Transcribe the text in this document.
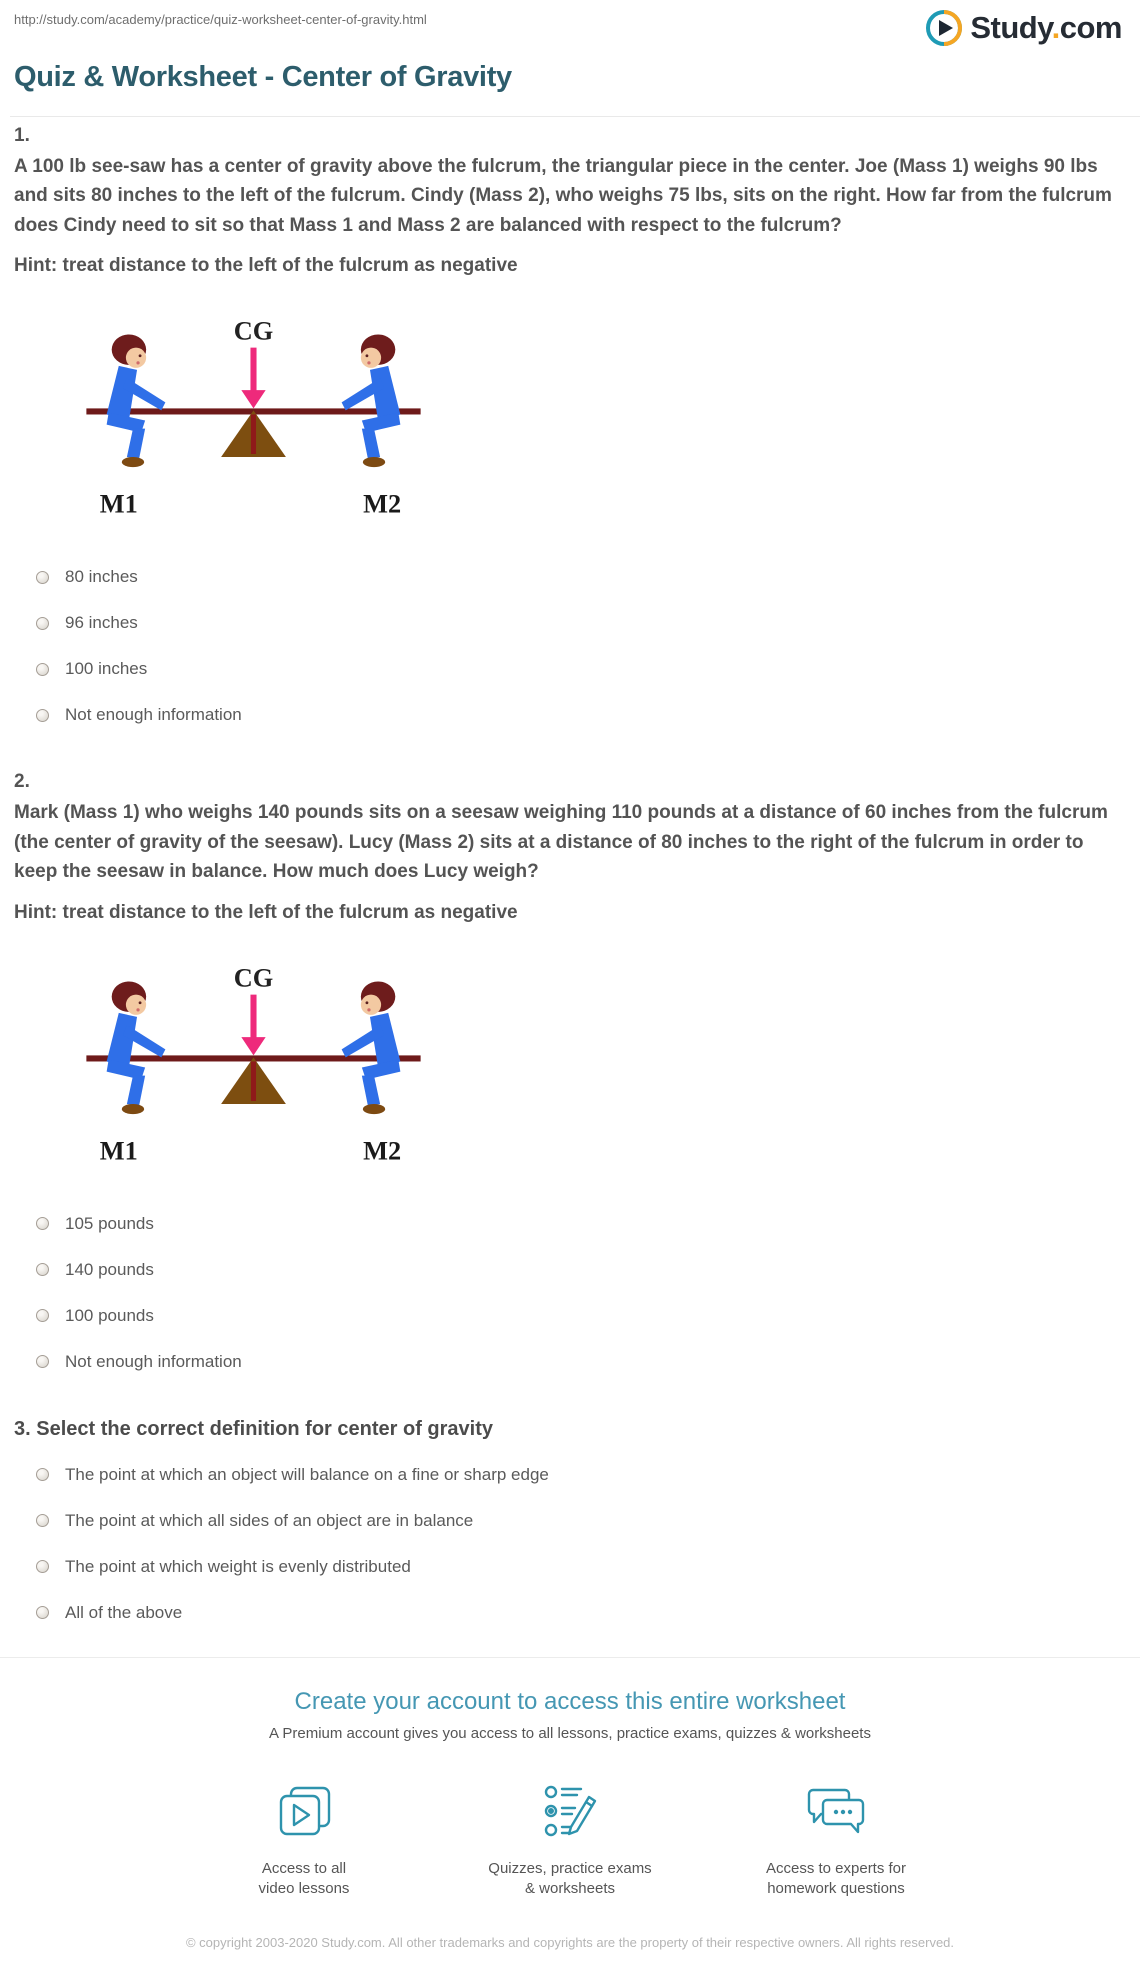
http://study.com/academy/practice/quiz-worksheet-center-of-gravity.html	Study.com
Quiz & Worksheet - Center of Gravity
1.
A 100 lb see-saw has a center of gravity above the fulcrum, the triangular piece in the center. Joe (Mass 1) weighs 90 lbs and sits 80 inches to the left of the fulcrum. Cindy (Mass 2), who weighs 75 lbs, sits on the right. How far from the fulcrum does Cindy need to sit so that Mass 1 and Mass 2 are balanced with respect to the fulcrum?
Hint: treat distance to the left of the fulcrum as negative
CG
M1	M2
80 inches
96 inches
100 inches
Not enough information
2.
Mark (Mass 1) who weighs 140 pounds sits on a seesaw weighing 110 pounds at a distance of 60 inches from the fulcrum (the center of gravity of the seesaw). Lucy (Mass 2) sits at a distance of 80 inches to the right of the fulcrum in order to keep the seesaw in balance. How much does Lucy weigh?
Hint: treat distance to the left of the fulcrum as negative
CG
M1	M2
105 pounds
140 pounds
100 pounds
Not enough information
3. Select the correct definition for center of gravity
The point at which an object will balance on a fine or sharp edge
The point at which all sides of an object are in balance
The point at which weight is evenly distributed
All of the above
Create your account to access this entire worksheet
A Premium account gives you access to all lessons, practice exams, quizzes & worksheets
Access to all
video lessons
Quizzes, practice exams
& worksheets
Access to experts for
homework questions
© copyright 2003-2020 Study.com. All other trademarks and copyrights are the property of their respective owners. All rights reserved.
